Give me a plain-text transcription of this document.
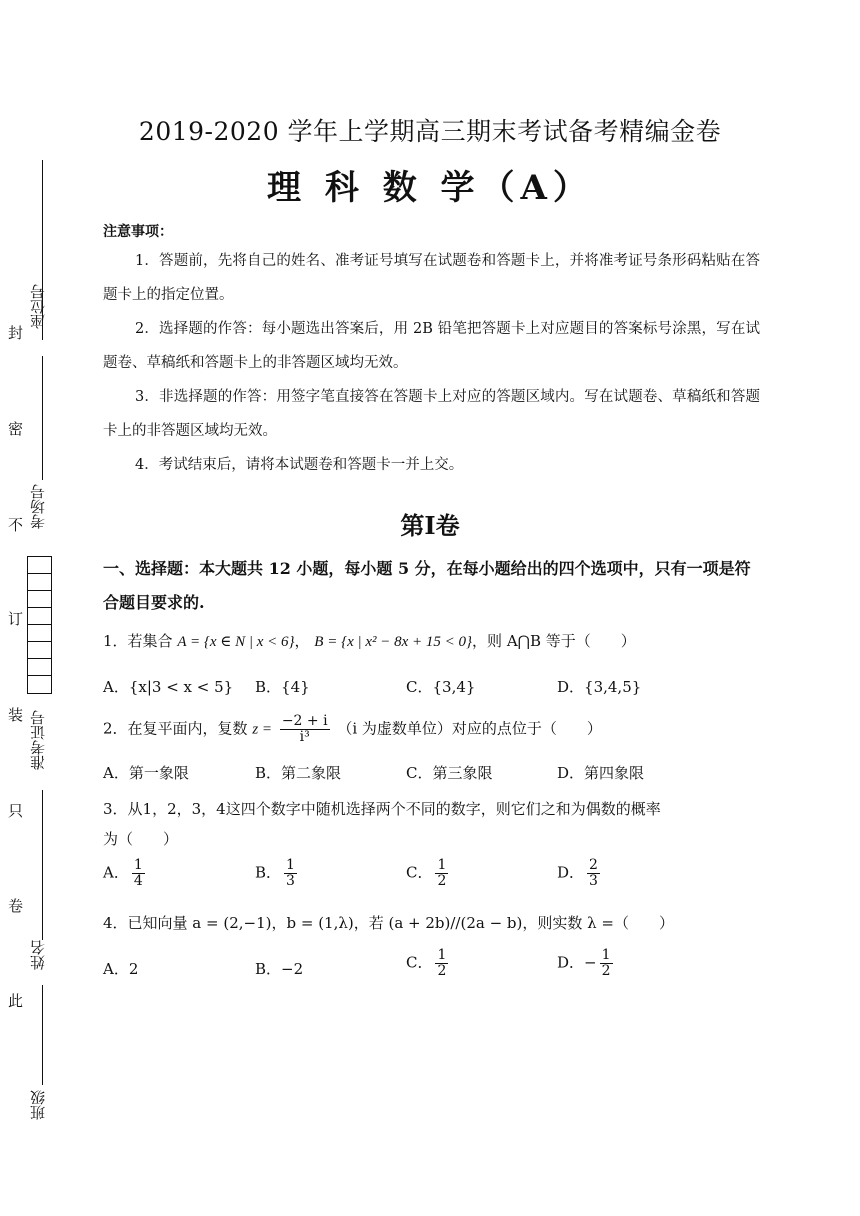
座位号
考场号
准考证号
姓名
班级
封
密
不
订
装
只
卷
此
2019-2020 学年上学期高三期末考试备考精编金卷
理 科 数 学（A）
注意事项：
1．答题前，先将自己的姓名、准考证号填写在试题卷和答题卡上，并将准考证号条形码粘贴在答题卡上的指定位置。
2．选择题的作答：每小题选出答案后，用 2B 铅笔把答题卡上对应题目的答案标号涂黑，写在试题卷、草稿纸和答题卡上的非答题区域均无效。
3．非选择题的作答：用签字笔直接答在答题卡上对应的答题区域内。写在试题卷、草稿纸和答题卡上的非答题区域均无效。
4．考试结束后，请将本试题卷和答题卡一并上交。
第Ⅰ卷
一、选择题：本大题共 12 小题，每小题 5 分，在每小题给出的四个选项中，只有一项是符合题目要求的.
1．若集合 A = {x ∈ N | x < 6}， B = {x | x² − 8x + 15 < 0}，则 A⋂B 等于（　　）
A．{x|3 < x < 5} B．{4}	C．{3,4}	D．{3,4,5}
2．在复平面内，复数 $z = \frac{-2 + i}{\text{i³}} (i$ 为虚数单位）对应的点位于（　　）
A．第一象限	B．第二象限	C．第三象限	D．第四象限
3．从1，2，3，4这四个数字中随机选择两个不同的数字，则它们之和为偶数的概率
为（　　）
A． $\frac{1}{4}$	B． $\frac{1}{3}$	C． $\frac{1}{2}$	D． $\frac{2}{3}$
4．已知向量 a = (2,−1)，b = (1,λ)，若 (a + 2b)//(2a − b)，则实数 λ =（　　）
A．2	B．−2	C． $\frac{1}{2}$	D．− $\frac{1}{2}$
